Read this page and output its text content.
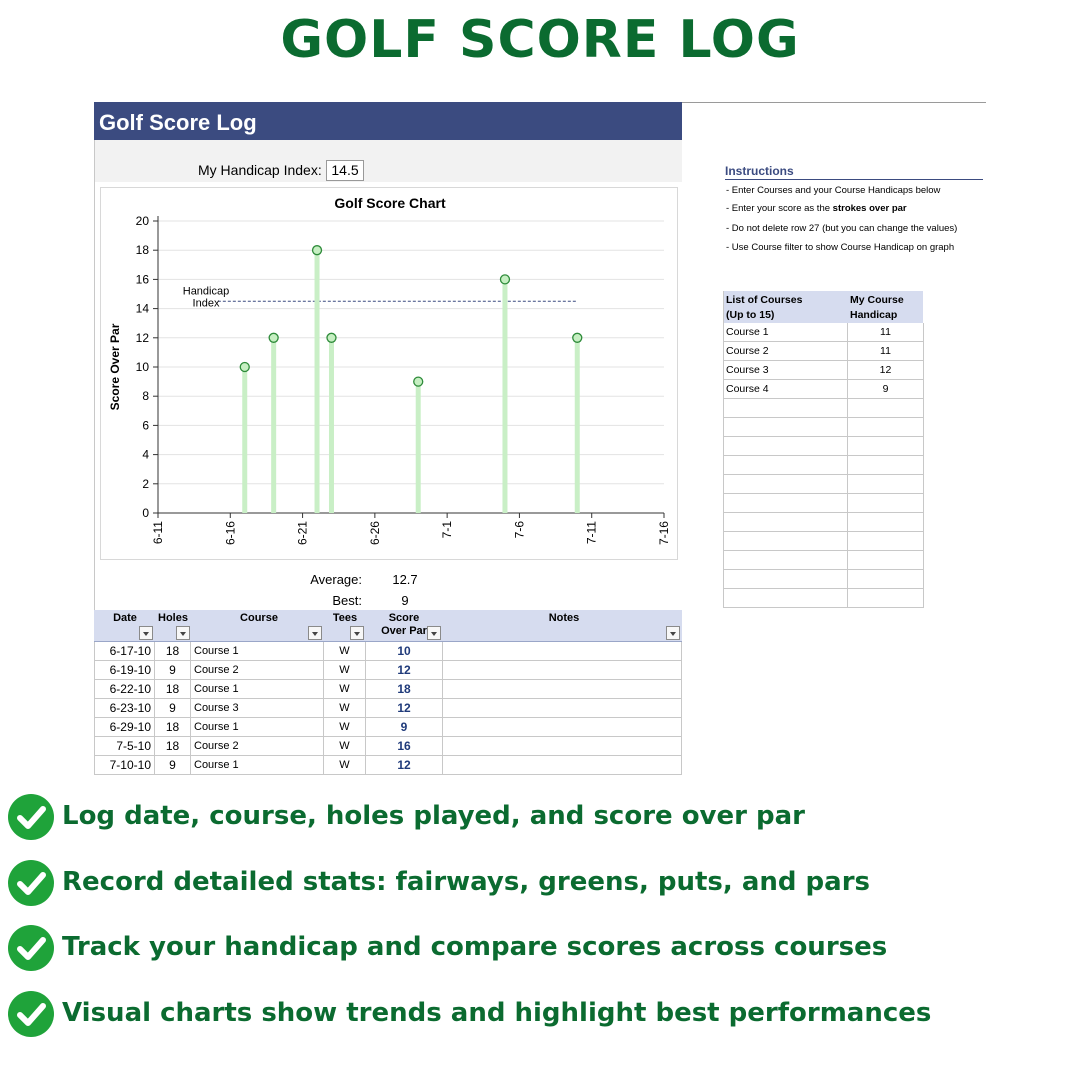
GOLF SCORE LOG
Golf Score Log
My Handicap Index: 14.5
Golf Score Chart
0
2
4
6
8
10
12
14
16
18
20
6-11	6-16	6-21	6-26	7-1	7-6	7-11	7-16
Score Over Par
Handicap
Index
Average:	12.7
Best:	9
Date	Holes	Course	Tees	Score
Over Par
Notes
6-17-10	18	Course 1	W	10
6-19-10	9	Course 2	W	12
6-22-10	18	Course 1	W	18
6-23-10	9	Course 3	W	12
6-29-10	18	Course 1	W	9
7-5-10	18	Course 2	W	16
7-10-10	9	Course 1	W	12
Instructions
- Enter Courses and your Course Handicaps below
- Enter your score as the strokes over par
- Do not delete row 27 (but you can change the values)
- Use Course filter to show Course Handicap on graph
List of Courses
(Up to 15)
My Course
Handicap
Course 1	11
Course 2	11
Course 3	12
Course 4	9
Log date, course, holes played, and score over par
Record detailed stats: fairways, greens, puts, and pars
Track your handicap and compare scores across courses
Visual charts show trends and highlight best performances
